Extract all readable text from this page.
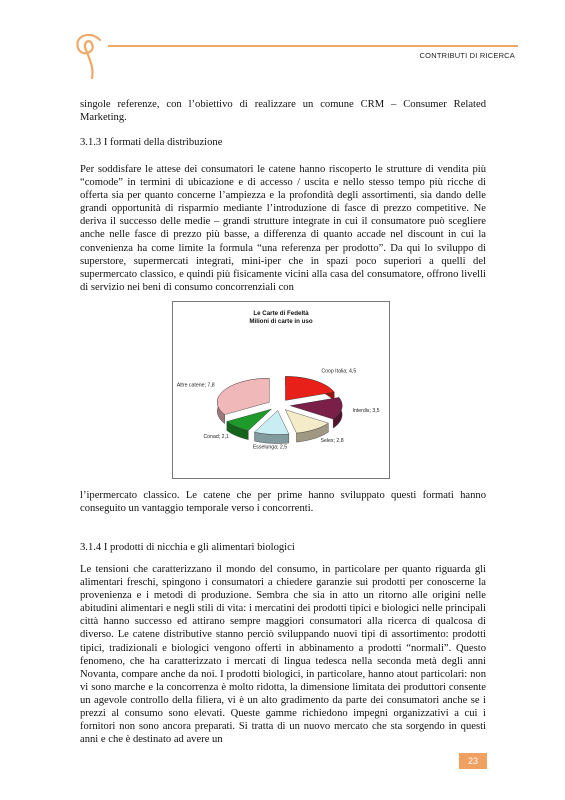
CONTRIBUTI DI RICERCA
singole referenze, con l’obiettivo di realizzare un comune CRM – Consumer Related Marketing.
3.1.3 I formati della distribuzione
Per soddisfare le attese dei consumatori le catene hanno riscoperto le strutture di vendita più “comode” in termini di ubicazione e di accesso / uscita e nello stesso tempo più ricche di offerta sia per quanto concerne l’ampiezza e la profondità degli assortimenti, sia dando delle grandi opportunità di risparmio mediante l’introduzione di fasce di prezzo competitive. Ne deriva il successo delle medie – grandi strutture integrate in cui il consumatore può scegliere anche nelle fasce di prezzo più basse, a differenza di quanto accade nel discount in cui la convenienza ha come limite la formula “una referenza per prodotto”. Da qui lo sviluppo di superstore, supermercati integrati, mini-iper che in spazi poco superiori a quelli del supermercato classico, e quindi più fisicamente vicini alla casa del consumatore, offrono livelli di servizio nei beni di consumo concorrenziali con
Le Carte di Fedeltà
Milioni di carte in uso
Coop Italia; 4,5
Interdis; 3,5
Selex; 2,8
Esselunga; 2,5
Conad; 2,1
Altre catene; 7,8
l’ipermercato classico. Le catene che per prime hanno sviluppato questi formati hanno conseguito un vantaggio temporale verso i concorrenti.
3.1.4 I prodotti di nicchia e gli alimentari biologici
Le tensioni che caratterizzano il mondo del consumo, in particolare per quanto riguarda gli alimentari freschi, spingono i consumatori a chiedere garanzie sui prodotti per conoscerne la provenienza e i metodi di produzione. Sembra che sia in atto un ritorno alle origini nelle abitudini alimentari e negli stili di vita: i mercatini dei prodotti tipici e biologici nelle principali città hanno successo ed attirano sempre maggiori consumatori alla ricerca di qualcosa di diverso. Le catene distributive stanno perciò sviluppando nuovi tipi di assortimento: prodotti tipici, tradizionali e biologici vengono offerti in abbinamento a prodotti “normali”. Questo fenomeno, che ha caratterizzato i mercati di lingua tedesca nella seconda metà degli anni Novanta, compare anche da noi. I prodotti biologici, in particolare, hanno atout particolari: non vi sono marche e la concorrenza è molto ridotta, la dimensione limitata dei produttori consente un agevole controllo della filiera, vi è un alto gradimento da parte dei consumatori anche se i prezzi al consumo sono elevati. Queste gamme richiedono impegni organizzativi a cui i fornitori non sono ancora preparati. Si tratta di un nuovo mercato che sta sorgendo in questi anni e che è destinato ad avere un
23
